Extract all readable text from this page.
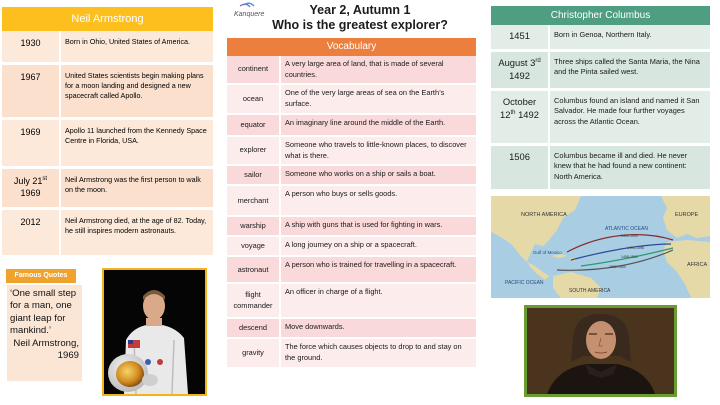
Neil Armstrong
1930	Born in Ohio, United States of America.
1967	United States scientists begin making plans for a moon landing and designed a new spacecraft called Apollo.
1969	Apollo 11 launched from the Kennedy Space Centre in Florida, USA.
July 21st
1969	Neil Armstrong was the first person to walk on the moon.
2012	Neil Armstrong died, at the age of 82. Today, he still inspires modern astronauts.
Famous Quotes
‘One small step for a man, one giant leap for mankind.’
Neil Armstrong,
1969
Kanquere	Year 2, Autumn 1
Who is the greatest explorer?
Vocabulary
continent	A very large area of land, that is made of several countries.
ocean	One of the very large areas of sea on the Earth’s surface.
equator	An imaginary line around the middle of the Earth.
explorer	Someone who travels to little-known places, to discover what is there.
sailor	Someone who works on a ship or sails a boat.
merchant	A person who buys or sells goods.
warship	A ship with guns that is used for fighting in wars.
voyage	A long journey on a ship or a spacecraft.
astronaut	A person who is trained for travelling in a spacecraft.
flight commander	An officer in charge of a flight.
descend	Move downwards.
gravity	The force which causes objects to drop to and stay on the ground.
Christopher Columbus
1451	Born in Genoa, Northern Italy.
August 3rd
1492	Three ships called the Santa Maria, the Nina and the Pinta sailed west.
October
12th 1492	Columbus found an island and named it San Salvador. He made four further voyages across the Atlantic Ocean.
1506	Columbus became ill and died. He never knew that he had found a new continent: North America.
NORTH AMERICA	EUROPE
ATLANTIC OCEAN
Gulf of Mexico
PACIFIC OCEAN
SOUTH AMERICA
AFRICA
1492-1493
1493-1496
1498-1500
1502-1504
